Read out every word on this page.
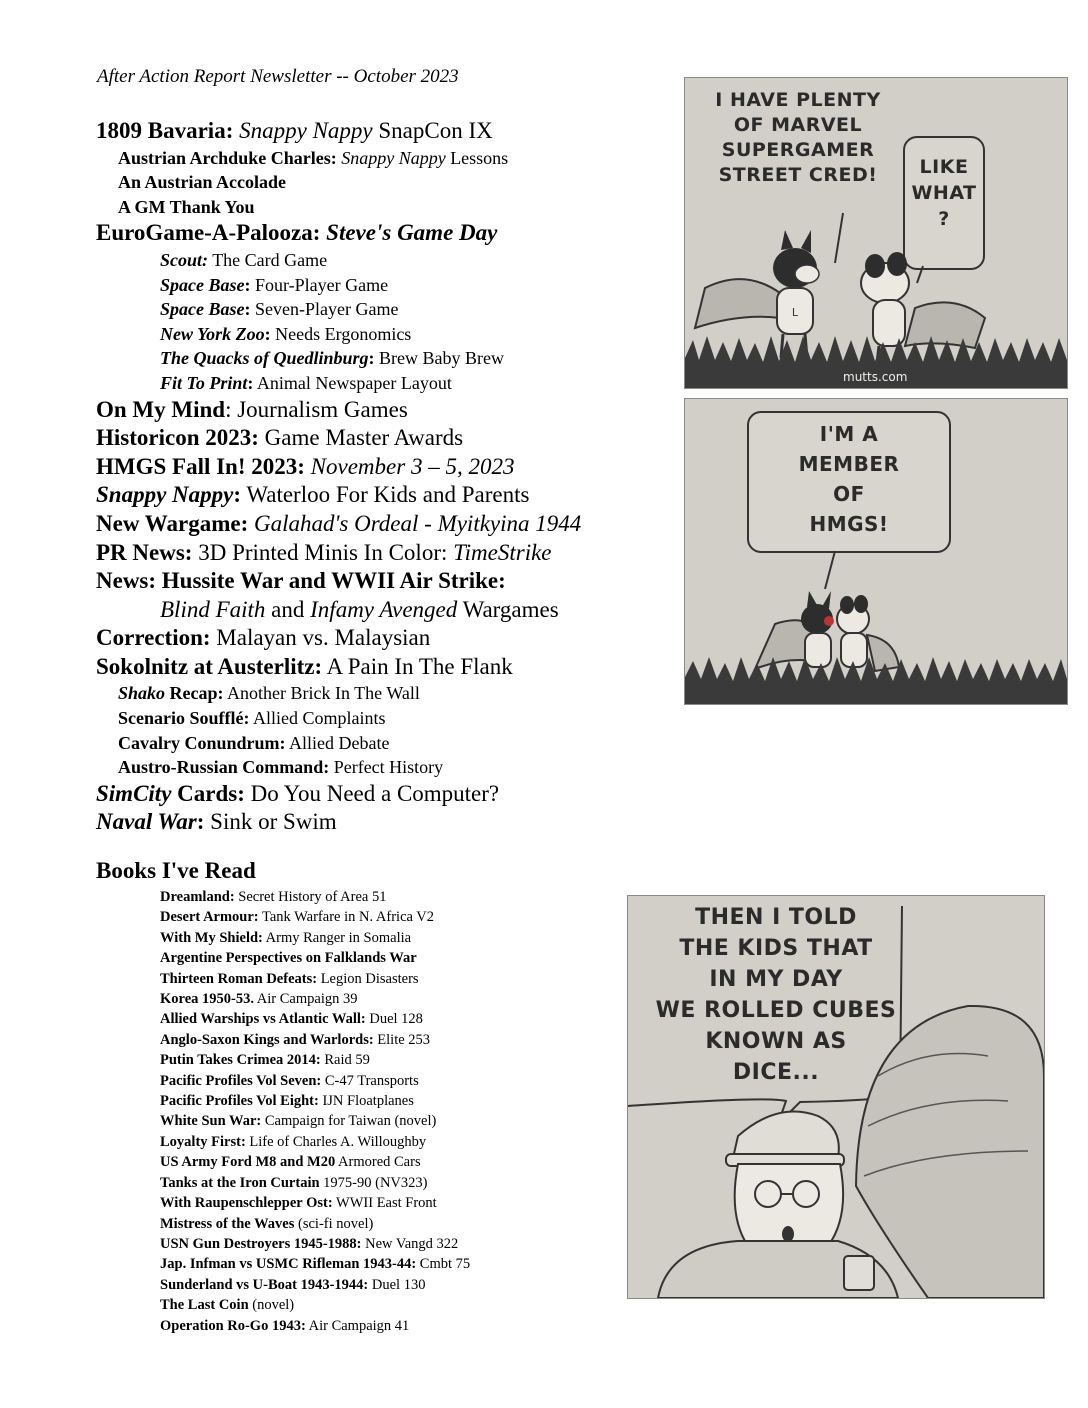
After Action Report Newsletter -- October 2023
1809 Bavaria: Snappy Nappy SnapCon IX
Austrian Archduke Charles: Snappy Nappy Lessons
An Austrian Accolade
A GM Thank You
EuroGame-A-Palooza: Steve's Game Day
Scout: The Card Game
Space Base: Four-Player Game
Space Base: Seven-Player Game
New York Zoo: Needs Ergonomics
The Quacks of Quedlinburg: Brew Baby Brew
Fit To Print: Animal Newspaper Layout
On My Mind: Journalism Games
Historicon 2023: Game Master Awards
HMGS Fall In! 2023: November 3 – 5, 2023
Snappy Nappy: Waterloo For Kids and Parents
New Wargame: Galahad's Ordeal - Myitkyina 1944
PR News: 3D Printed Minis In Color: TimeStrike
News: Hussite War and WWII Air Strike:
Blind Faith and Infamy Avenged Wargames
Correction: Malayan vs. Malaysian
Sokolnitz at Austerlitz: A Pain In The Flank
Shako Recap: Another Brick In The Wall
Scenario Soufflé: Allied Complaints
Cavalry Conundrum: Allied Debate
Austro-Russian Command: Perfect History
SimCity Cards: Do You Need a Computer?
Naval War: Sink or Swim
Books I've Read
Dreamland: Secret History of Area 51
Desert Armour: Tank Warfare in N. Africa V2
With My Shield: Army Ranger in Somalia
Argentine Perspectives on Falklands War
Thirteen Roman Defeats: Legion Disasters
Korea 1950-53. Air Campaign 39
Allied Warships vs Atlantic Wall: Duel 128
Anglo-Saxon Kings and Warlords: Elite 253
Putin Takes Crimea 2014: Raid 59
Pacific Profiles Vol Seven: C-47 Transports
Pacific Profiles Vol Eight: IJN Floatplanes
White Sun War: Campaign for Taiwan (novel)
Loyalty First: Life of Charles A. Willoughby
US Army Ford M8 and M20 Armored Cars
Tanks at the Iron Curtain 1975-90 (NV323)
With Raupenschlepper Ost: WWII East Front
Mistress of the Waves (sci-fi novel)
USN Gun Destroyers 1945-1988: New Vangd 322
Jap. Infman vs USMC Rifleman 1943-44: Cmbt 75
Sunderland vs U-Boat 1943-1944: Duel 130
The Last Coin (novel)
Operation Ro-Go 1943: Air Campaign 41
I HAVE PLENTY
OF MARVEL
SUPERGAMER
STREET CRED!	LIKE
WHAT
?
L
mutts.com
I'M A
MEMBER
OF
HMGS!
THEN I TOLD
THE KIDS THAT
IN MY DAY
WE ROLLED CUBES
KNOWN AS
DICE...
